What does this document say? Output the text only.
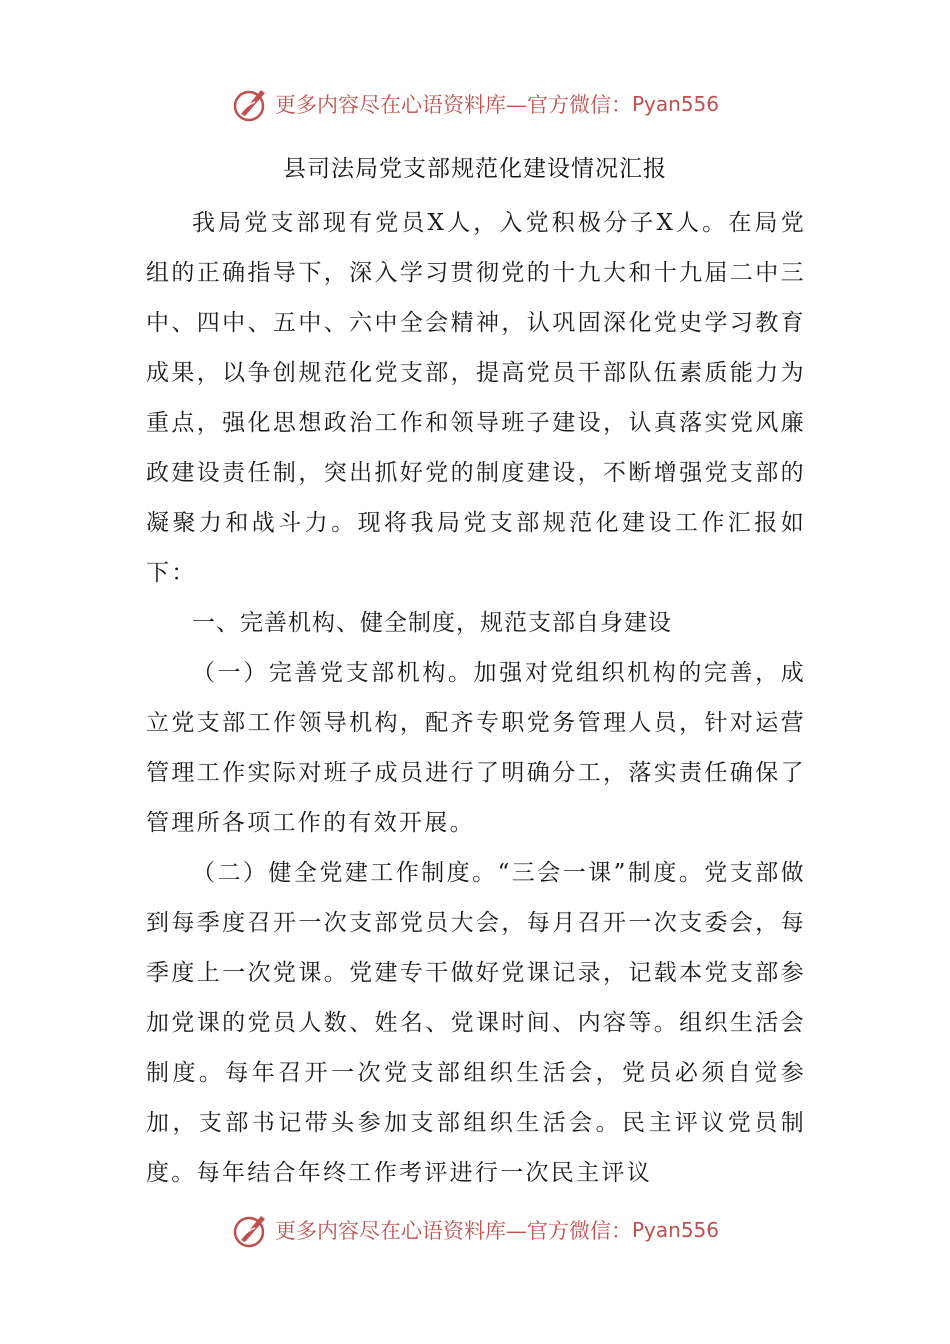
更多内容尽在心语资料库—官方微信： Pyan556
县司法局党支部规范化建设情况汇报

我局党支部现有党员X人，入党积极分子X人。在局党组的正确指导下，深入学习贯彻党的十九大和十九届二中三中、四中、五中、六中全会精神，认巩固深化党史学习教育成果，以争创规范化党支部，提高党员干部队伍素质能力为重点，强化思想政治工作和领导班子建设，认真落实党风廉政建设责任制，突出抓好党的制度建设，不断增强党支部的凝聚力和战斗力。现将我局党支部规范化建设工作汇报如下：

一、完善机构、健全制度，规范支部自身建设

（一）完善党支部机构。加强对党组织机构的完善，成立党支部工作领导机构，配齐专职党务管理人员，针对运营管理工作实际对班子成员进行了明确分工，落实责任确保了管理所各项工作的有效开展。

（二）健全党建工作制度。“三会一课”制度。党支部做到每季度召开一次支部党员大会，每月召开一次支委会，每季度上一次党课。党建专干做好党课记录，记载本党支部参加党课的党员人数、姓名、党课时间、内容等。组织生活会制度。每年召开一次党支部组织生活会，党员必须自觉参加，支部书记带头参加支部组织生活会。民主评议党员制度。每年结合年终工作考评进行一次民主评议

更多内容尽在心语资料库—官方微信： Pyan556
